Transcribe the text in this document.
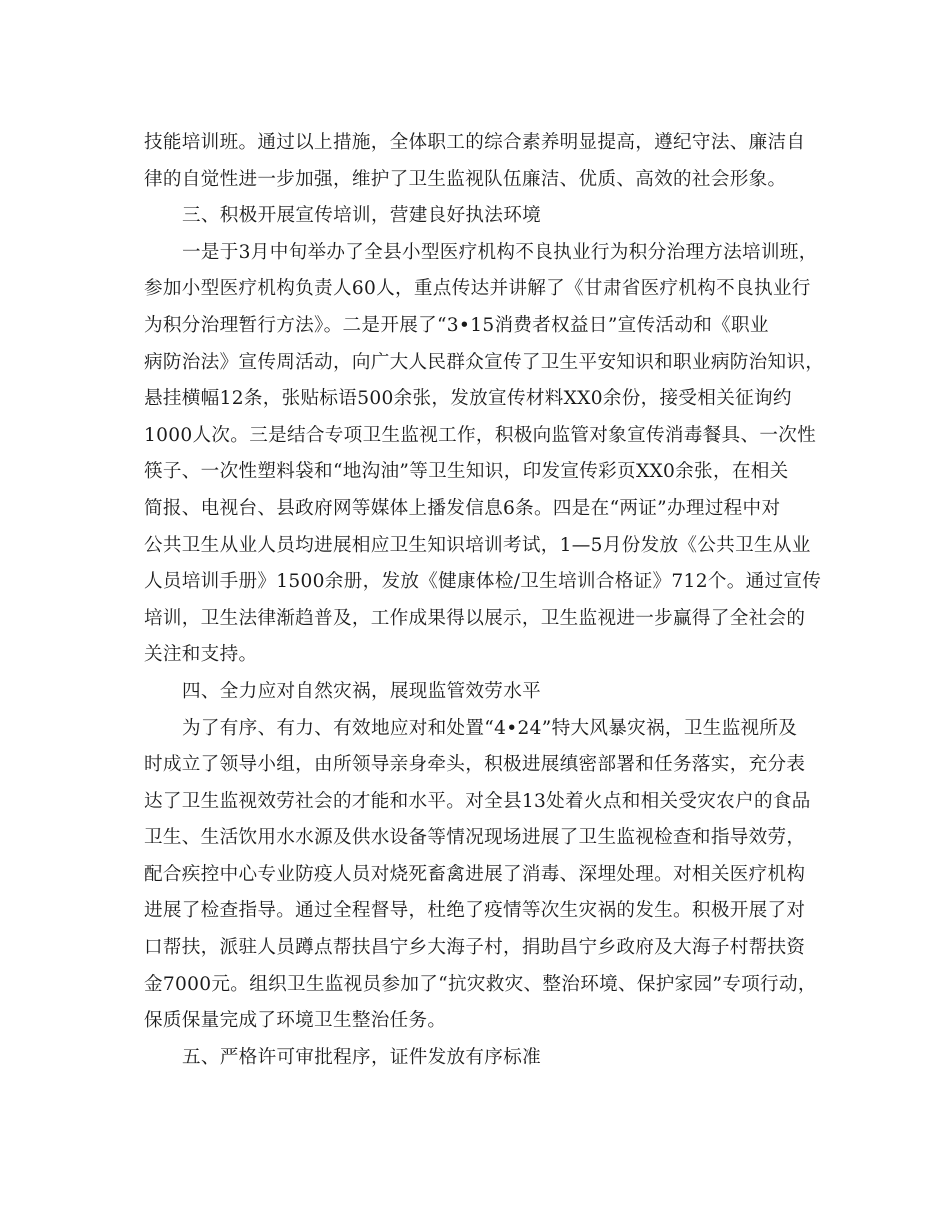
技能培训班。通过以上措施，全体职工的综合素养明显提高，遵纪守法、廉洁自
律的自觉性进一步加强，维护了卫生监视队伍廉洁、优质、高效的社会形象。
三、积极开展宣传培训，营建良好执法环境
一是于3月中旬举办了全县小型医疗机构不良执业行为积分治理方法培训班，
参加小型医疗机构负责人60人，重点传达并讲解了《甘肃省医疗机构不良执业行
为积分治理暂行方法》。二是开展了“3•15消费者权益日”宣传活动和《职业
病防治法》宣传周活动，向广大人民群众宣传了卫生平安知识和职业病防治知识，
悬挂横幅12条，张贴标语500余张，发放宣传材料XX0余份，接受相关征询约
1000人次。三是结合专项卫生监视工作，积极向监管对象宣传消毒餐具、一次性
筷子、一次性塑料袋和“地沟油”等卫生知识，印发宣传彩页XX0余张，在相关
简报、电视台、县政府网等媒体上播发信息6条。四是在“两证”办理过程中对
公共卫生从业人员均进展相应卫生知识培训考试，1—5月份发放《公共卫生从业
人员培训手册》1500余册，发放《健康体检/卫生培训合格证》712个。通过宣传
培训，卫生法律渐趋普及，工作成果得以展示，卫生监视进一步赢得了全社会的
关注和支持。
四、全力应对自然灾祸，展现监管效劳水平
为了有序、有力、有效地应对和处置“4•24”特大风暴灾祸，卫生监视所及
时成立了领导小组，由所领导亲身牵头，积极进展缜密部署和任务落实，充分表
达了卫生监视效劳社会的才能和水平。对全县13处着火点和相关受灾农户的食品
卫生、生活饮用水水源及供水设备等情况现场进展了卫生监视检查和指导效劳，
配合疾控中心专业防疫人员对烧死畜禽进展了消毒、深埋处理。对相关医疗机构
进展了检查指导。通过全程督导，杜绝了疫情等次生灾祸的发生。积极开展了对
口帮扶，派驻人员蹲点帮扶昌宁乡大海子村，捐助昌宁乡政府及大海子村帮扶资
金7000元。组织卫生监视员参加了“抗灾救灾、整治环境、保护家园”专项行动，
保质保量完成了环境卫生整治任务。
五、严格许可审批程序，证件发放有序标准
